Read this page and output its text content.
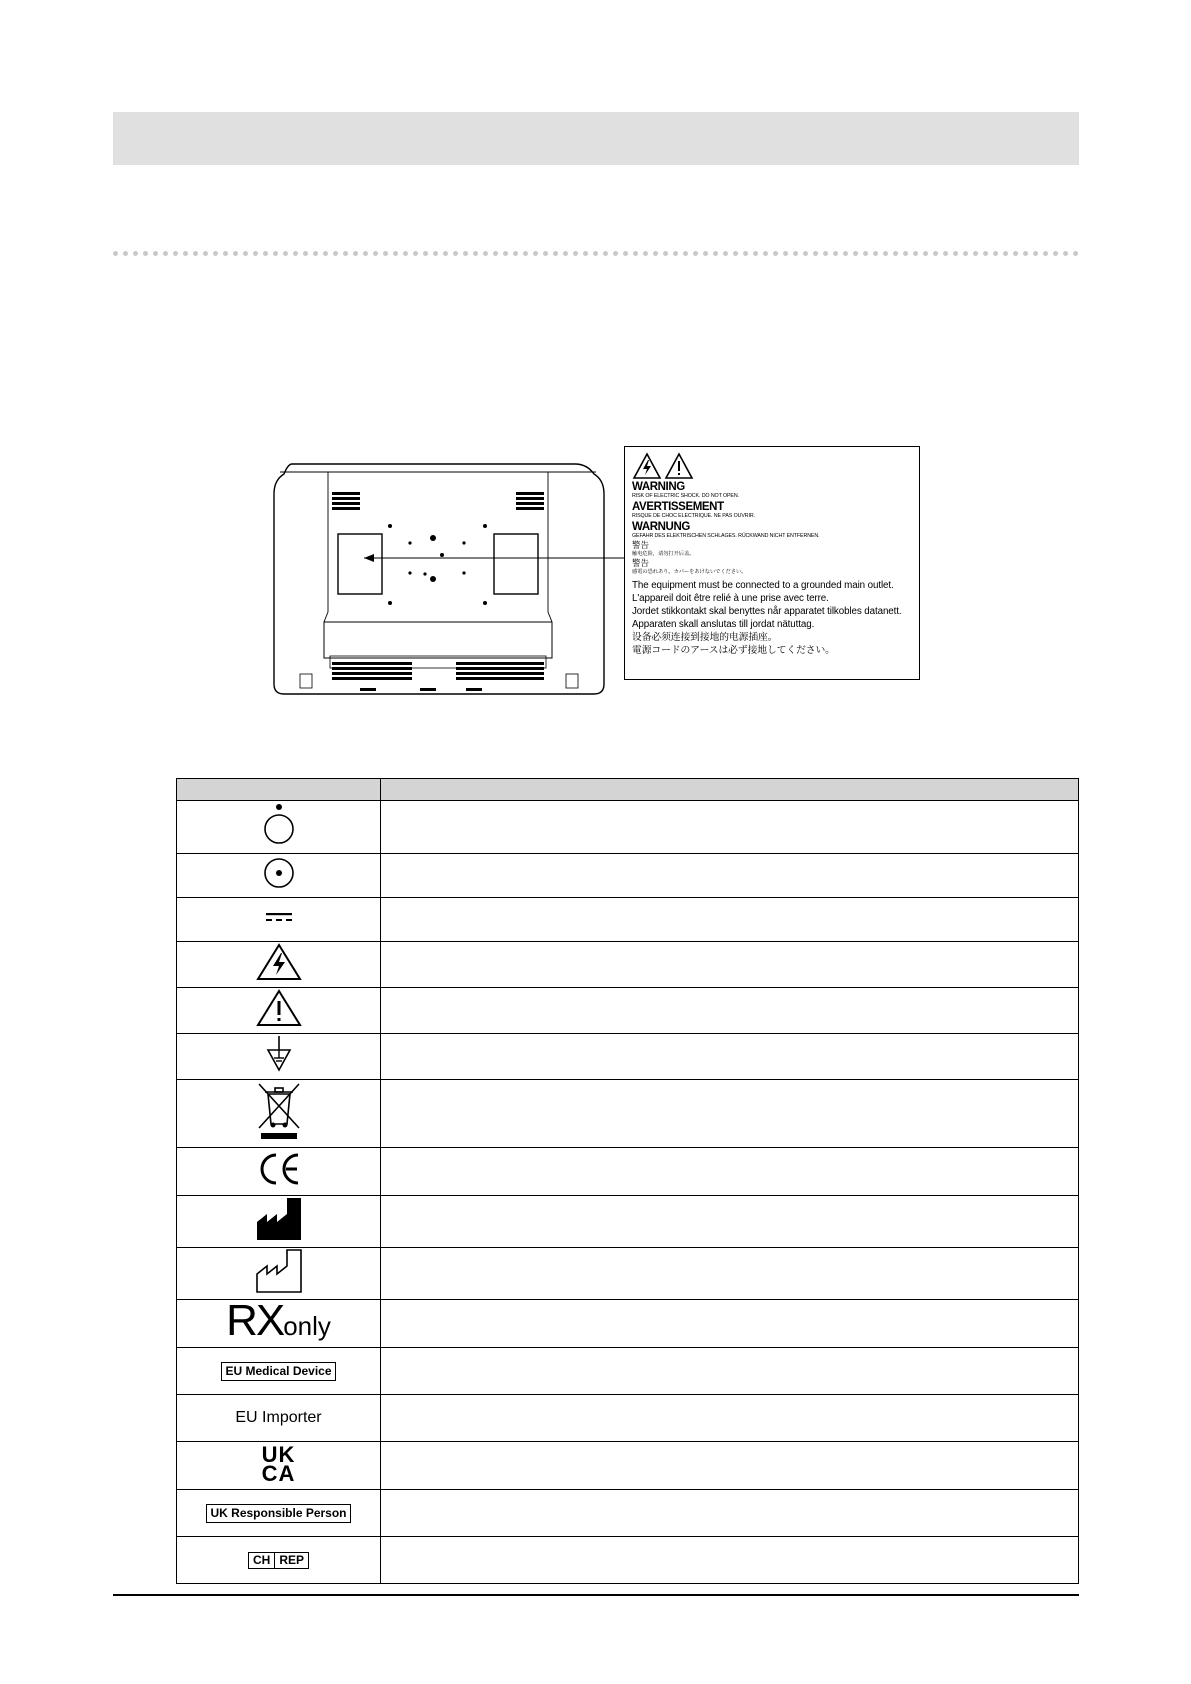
WARNING
RISK OF ELECTRIC SHOCK. DO NOT OPEN.
AVERTISSEMENT
RISQUE DE CHOC ELECTRIQUE. NE PAS OUVRIR.
WARNUNG
GEFAHR DES ELEKTRISCHEN SCHLAGES. RÜCKWAND NICHT ENTFERNEN.
警告
触电危险，请勿打开后盖。
警告
感電の恐れあり。カバーをあけないでください。
The equipment must be connected to a grounded main outlet.
L'appareil doit être relié à une prise avec terre.
Jordet stikkontakt skal benyttes når apparatet tilkobles datanett.
Apparaten skall anslutas till jordat nätuttag.
设备必须连接到接地的电源插座。
電源コードのアースは必ず接地してください。

RXonly	
EU Medical Device	
EU Importer	

UK
CA	

UK Responsible Person	

CH REP	
